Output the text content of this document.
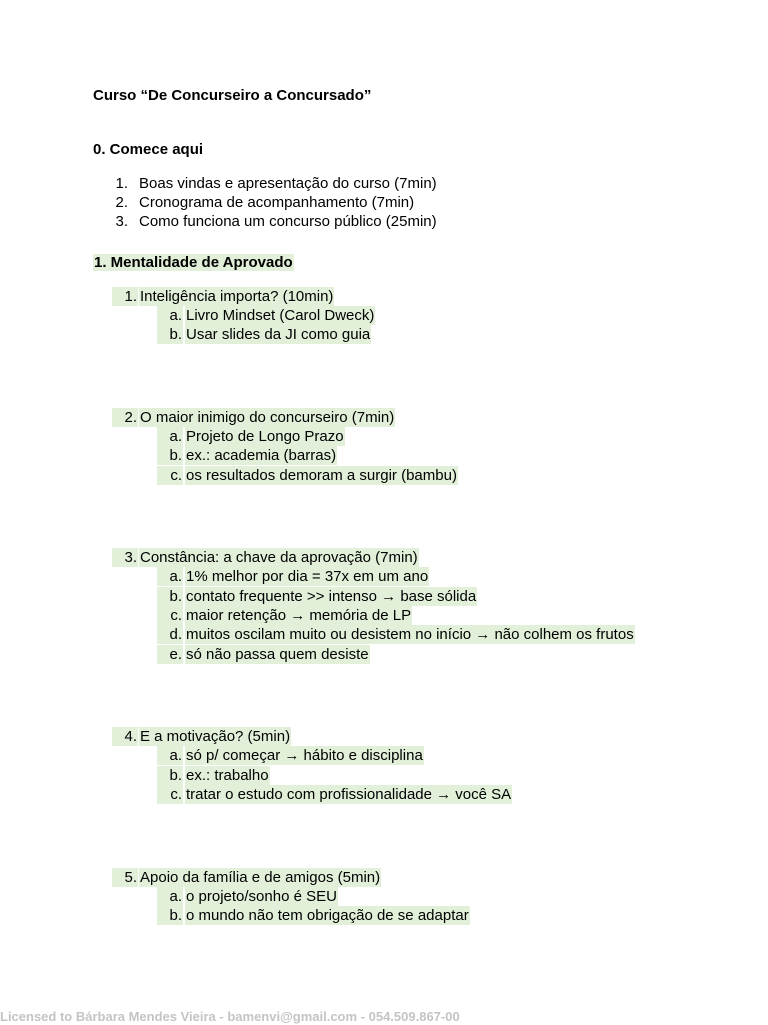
Curso “De Concurseiro a Concursado”
0. Comece aqui
1. Boas vindas e apresentação do curso (7min)
2. Cronograma de acompanhamento (7min)
3. Como funciona um concurso público (25min)
1. Mentalidade de Aprovado
1. Inteligência importa? (10min)
a. Livro Mindset (Carol Dweck)
b. Usar slides da JI como guia
2. O maior inimigo do concurseiro (7min)
a. Projeto de Longo Prazo
b. ex.: academia (barras)
c. os resultados demoram a surgir (bambu)
3. Constância: a chave da aprovação (7min)
a. 1% melhor por dia = 37x em um ano
b. contato frequente >> intenso → base sólida
c. maior retenção → memória de LP
d. muitos oscilam muito ou desistem no início → não colhem os frutos
e. só não passa quem desiste
4. E a motivação? (5min)
a. só p/ começar → hábito e disciplina
b. ex.: trabalho
c. tratar o estudo com profissionalidade → você SA
5. Apoio da família e de amigos (5min)
a. o projeto/sonho é SEU
b. o mundo não tem obrigação de se adaptar
Licensed to Bárbara Mendes Vieira - bamenvi@gmail.com - 054.509.867-00
